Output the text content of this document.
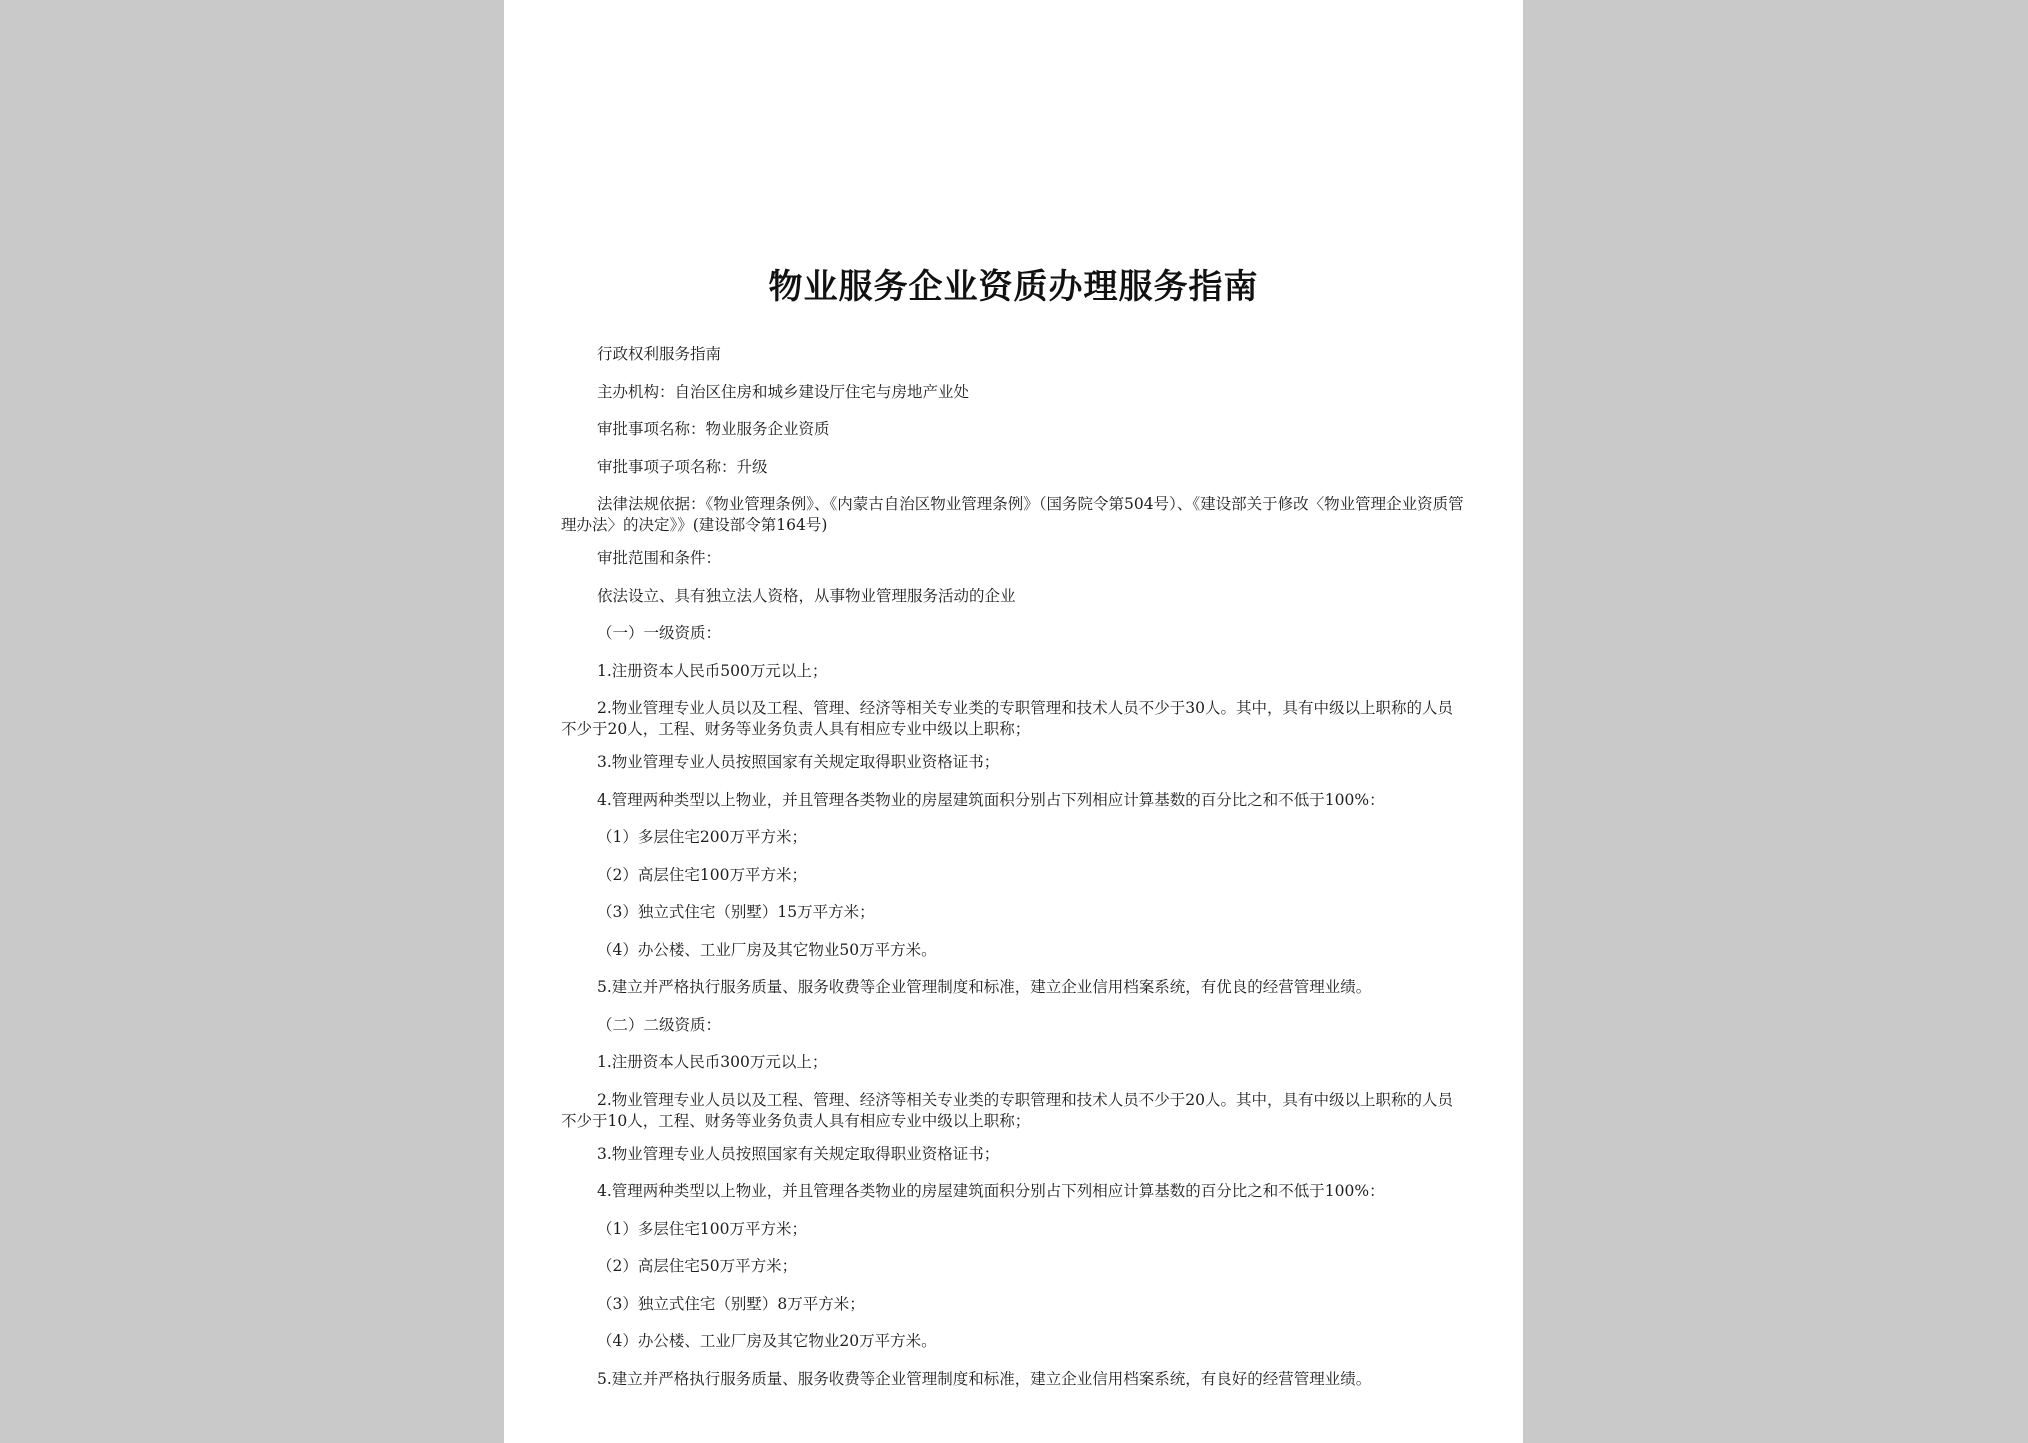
物业服务企业资质办理服务指南

行政权利服务指南

主办机构：自治区住房和城乡建设厅住宅与房地产业处

审批事项名称：物业服务企业资质

审批事项子项名称：升级

法律法规依据：《物业管理条例》、《内蒙古自治区物业管理条例》（国务院令第504号）、《建设部关于修改〈物业管理企业资质管理办法〉的决定》》(建设部令第164号)

审批范围和条件：

依法设立、具有独立法人资格，从事物业管理服务活动的企业

（一）一级资质：

1.注册资本人民币500万元以上；

2.物业管理专业人员以及工程、管理、经济等相关专业类的专职管理和技术人员不少于30人。其中，具有中级以上职称的人员不少于20人，工程、财务等业务负责人具有相应专业中级以上职称；

3.物业管理专业人员按照国家有关规定取得职业资格证书；

4.管理两种类型以上物业，并且管理各类物业的房屋建筑面积分别占下列相应计算基数的百分比之和不低于100%：

（1）多层住宅200万平方米；

（2）高层住宅100万平方米；

（3）独立式住宅（别墅）15万平方米；

（4）办公楼、工业厂房及其它物业50万平方米。

5.建立并严格执行服务质量、服务收费等企业管理制度和标准，建立企业信用档案系统，有优良的经营管理业绩。

（二）二级资质：

1.注册资本人民币300万元以上；

2.物业管理专业人员以及工程、管理、经济等相关专业类的专职管理和技术人员不少于20人。其中，具有中级以上职称的人员不少于10人，工程、财务等业务负责人具有相应专业中级以上职称；

3.物业管理专业人员按照国家有关规定取得职业资格证书；

4.管理两种类型以上物业，并且管理各类物业的房屋建筑面积分别占下列相应计算基数的百分比之和不低于100%：

（1）多层住宅100万平方米；

（2）高层住宅50万平方米；

（3）独立式住宅（别墅）8万平方米；

（4）办公楼、工业厂房及其它物业20万平方米。

5.建立并严格执行服务质量、服务收费等企业管理制度和标准，建立企业信用档案系统，有良好的经营管理业绩。
